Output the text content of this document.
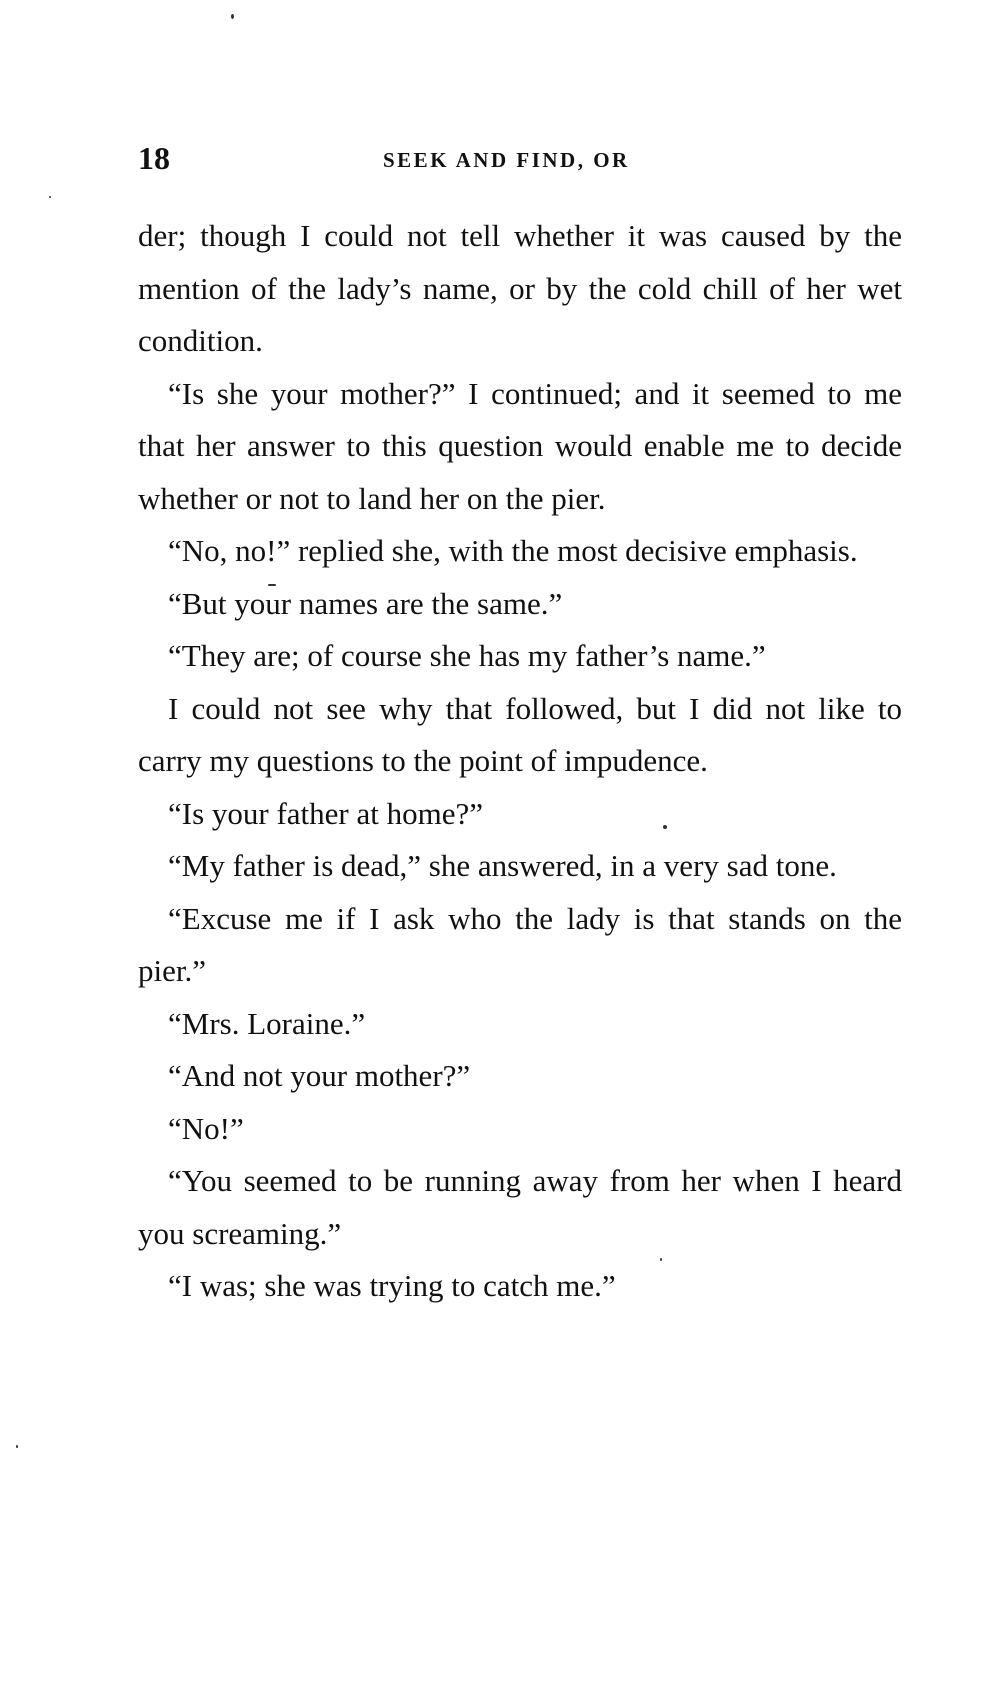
18	SEEK AND FIND, OR

der; though I could not tell whether it was caused by the mention of the lady’s name, or by the cold chill of her wet condition.

“Is she your mother?” I continued; and it seemed to me that her answer to this question would enable me to decide whether or not to land her on the pier.

“No, no!” replied she, with the most decisive emphasis.

“But your names are the same.”

“They are; of course she has my father’s name.”

I could not see why that followed, but I did not like to carry my questions to the point of impudence.

“Is your father at home?”

“My father is dead,” she answered, in a very sad tone.

“Excuse me if I ask who the lady is that stands on the pier.”

“Mrs. Loraine.”

“And not your mother?”

“No!”

“You seemed to be running away from her when I heard you screaming.”

“I was; she was trying to catch me.”
